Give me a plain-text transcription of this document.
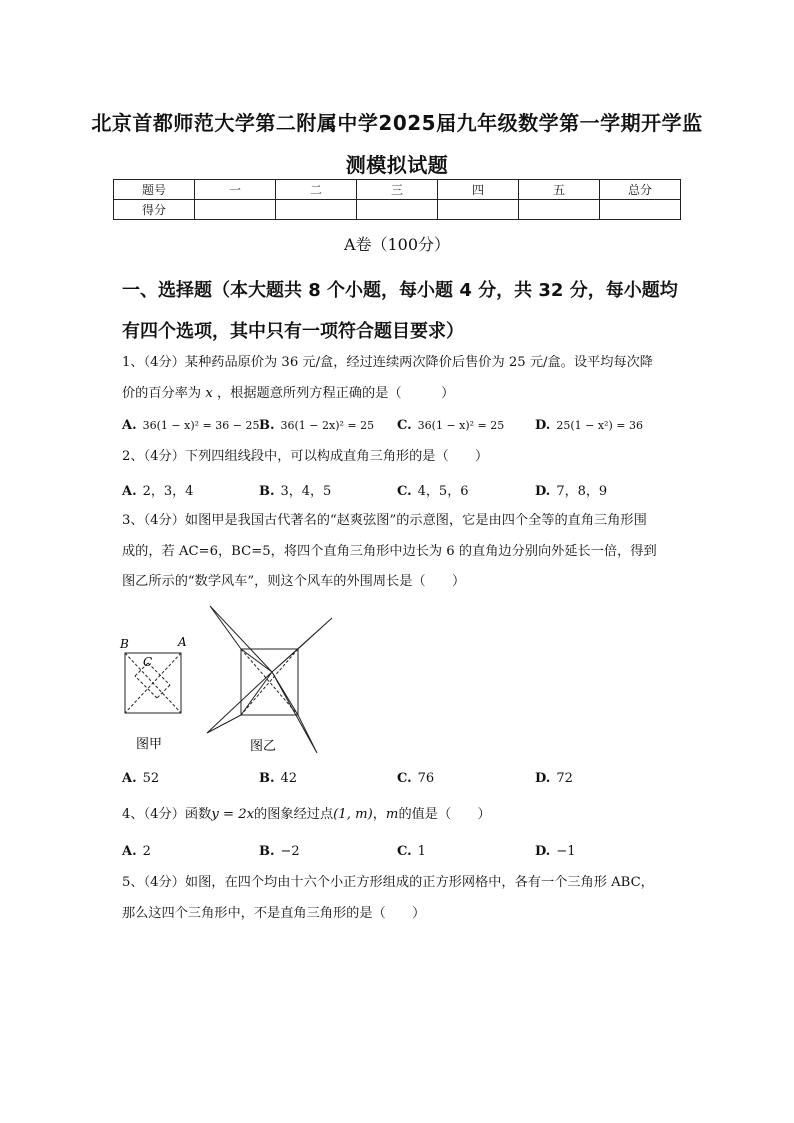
北京首都师范大学第二附属中学2025届九年级数学第一学期开学监
测模拟试题
题号	一	二	三	四	五	总分
得分						
A卷（100分）
一、选择题（本大题共 8 个小题，每小题 4 分，共 32 分，每小题均
有四个选项，其中只有一项符合题目要求）
1、（4分）某种药品原价为 36 元/盒，经过连续两次降价后售价为 25 元/盒。设平均每次降
价的百分率为 x ，根据题意所列方程正确的是（　　　）
A. 36(1 − x)² = 36 − 25 B. 36(1 − 2x)² = 25 C. 36(1 − x)² = 25 D. 25(1 − x²) = 36
2、（4分）下列四组线段中，可以构成直角三角形的是（　　）
A. 2，3，4	B. 3，4，5	C. 4，5，6	D. 7，8，9
3、（4分）如图甲是我国古代著名的“赵爽弦图”的示意图，它是由四个全等的直角三角形围
成的，若 AC=6，BC=5，将四个直角三角形中边长为 6 的直角边分别向外延长一倍，得到
图乙所示的“数学风车”，则这个风车的外围周长是（　　）
B	A
C
图甲	图乙
A. 52	B. 42	C. 76	D. 72
4、（4分）函数y = 2x的图象经过点(1, m)，m的值是（　　）
A. 2	B. −2	C. 1	D. −1
5、（4分）如图，在四个均由十六个小正方形组成的正方形网格中，各有一个三角形 ABC，
那么这四个三角形中，不是直角三角形的是（　　）
